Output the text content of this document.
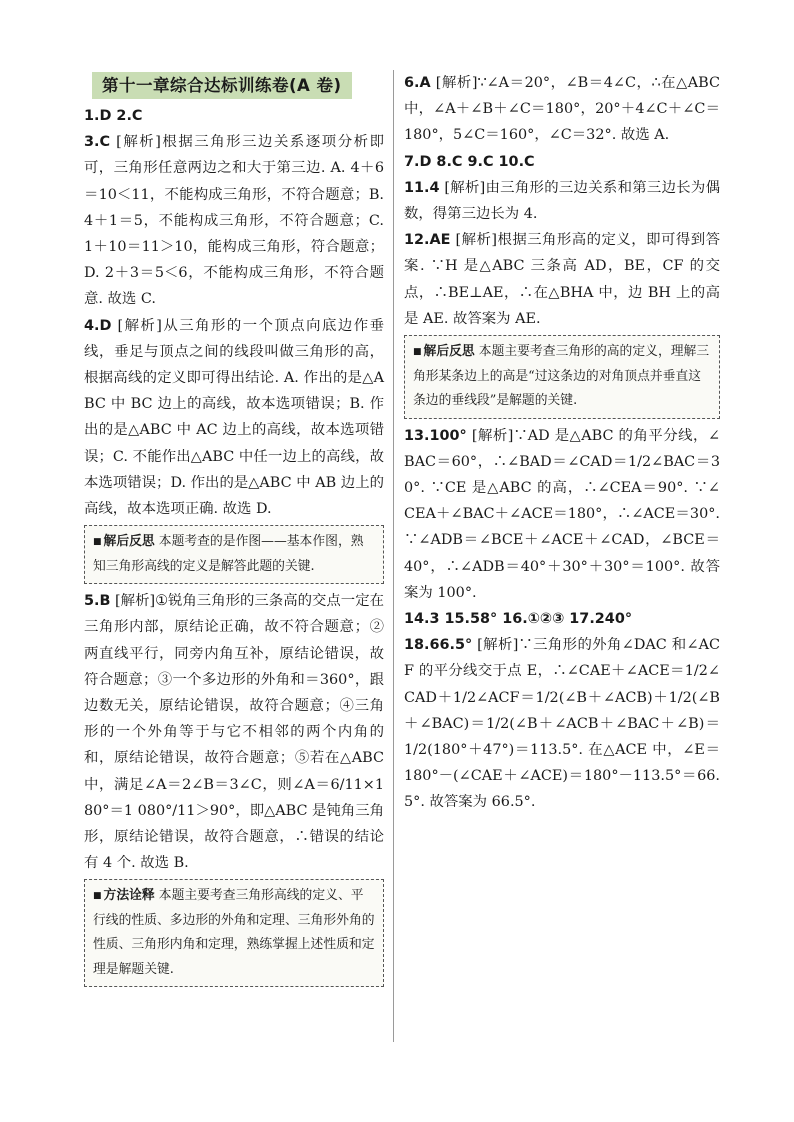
第十一章综合达标训练卷(A 卷)
1.D 2.C
3.C [解析]根据三角形三边关系逐项分析即可，三角形任意两边之和大于第三边. A. 4＋6＝10＜11，不能构成三角形，不符合题意；B. 4＋1＝5，不能构成三角形，不符合题意；C. 1＋10＝11＞10，能构成三角形，符合题意；D. 2＋3＝5＜6，不能构成三角形，不符合题意. 故选 C.
4.D [解析]从三角形的一个顶点向底边作垂线，垂足与顶点之间的线段叫做三角形的高，根据高线的定义即可得出结论. A. 作出的是△ABC 中 BC 边上的高线，故本选项错误；B. 作出的是△ABC 中 AC 边上的高线，故本选项错误；C. 不能作出△ABC 中任一边上的高线，故本选项错误；D. 作出的是△ABC 中 AB 边上的高线，故本选项正确. 故选 D.
■ 解后反思 本题考查的是作图——基本作图，熟知三角形高线的定义是解答此题的关键.
5.B [解析]①锐角三角形的三条高的交点一定在三角形内部，原结论正确，故不符合题意；②两直线平行，同旁内角互补，原结论错误，故符合题意；③一个多边形的外角和＝360°，跟边数无关，原结论错误，故符合题意；④三角形的一个外角等于与它不相邻的两个内角的和，原结论错误，故符合题意；⑤若在△ABC 中，满足∠A＝2∠B＝3∠C，则∠A＝6/11×180°＝1 080°/11＞90°，即△ABC 是钝角三角形，原结论错误，故符合题意，∴错误的结论有 4 个. 故选 B.
■ 方法诠释 本题主要考查三角形高线的定义、平行线的性质、多边形的外角和定理、三角形外角的性质、三角形内角和定理，熟练掌握上述性质和定理是解题关键.
6.A [解析]∵∠A＝20°，∠B＝4∠C，∴在△ABC 中，∠A＋∠B＋∠C＝180°，20°＋4∠C＋∠C＝180°，5∠C＝160°，∠C＝32°. 故选 A.
7.D 8.C 9.C 10.C
11.4 [解析]由三角形的三边关系和第三边长为偶数，得第三边长为 4.
12.AE [解析]根据三角形高的定义，即可得到答案. ∵H 是△ABC 三条高 AD，BE，CF 的交点，∴BE⊥AE，∴在△BHA 中，边 BH 上的高是 AE. 故答案为 AE.
■ 解后反思 本题主要考查三角形的高的定义，理解三角形某条边上的高是“过这条边的对角顶点并垂直这条边的垂线段”是解题的关键.
13.100° [解析]∵AD 是△ABC 的角平分线，∠BAC＝60°，∴∠BAD＝∠CAD＝1/2∠BAC＝30°. ∵CE 是△ABC 的高，∴∠CEA＝90°. ∵∠CEA＋∠BAC＋∠ACE＝180°，∴∠ACE＝30°. ∵∠ADB＝∠BCE＋∠ACE＋∠CAD，∠BCE＝40°，∴∠ADB＝40°＋30°＋30°＝100°. 故答案为 100°.
14.3 15.58° 16.①②③ 17.240°
18.66.5° [解析]∵三角形的外角∠DAC 和∠ACF 的平分线交于点 E，∴∠CAE＋∠ACE＝1/2∠CAD＋1/2∠ACF＝1/2(∠B＋∠ACB)＋1/2(∠B＋∠BAC)＝1/2(∠B＋∠ACB＋∠BAC＋∠B)＝1/2(180°＋47°)＝113.5°. 在△ACE 中，∠E＝180°－(∠CAE＋∠ACE)＝180°－113.5°＝66.5°. 故答案为 66.5°.
